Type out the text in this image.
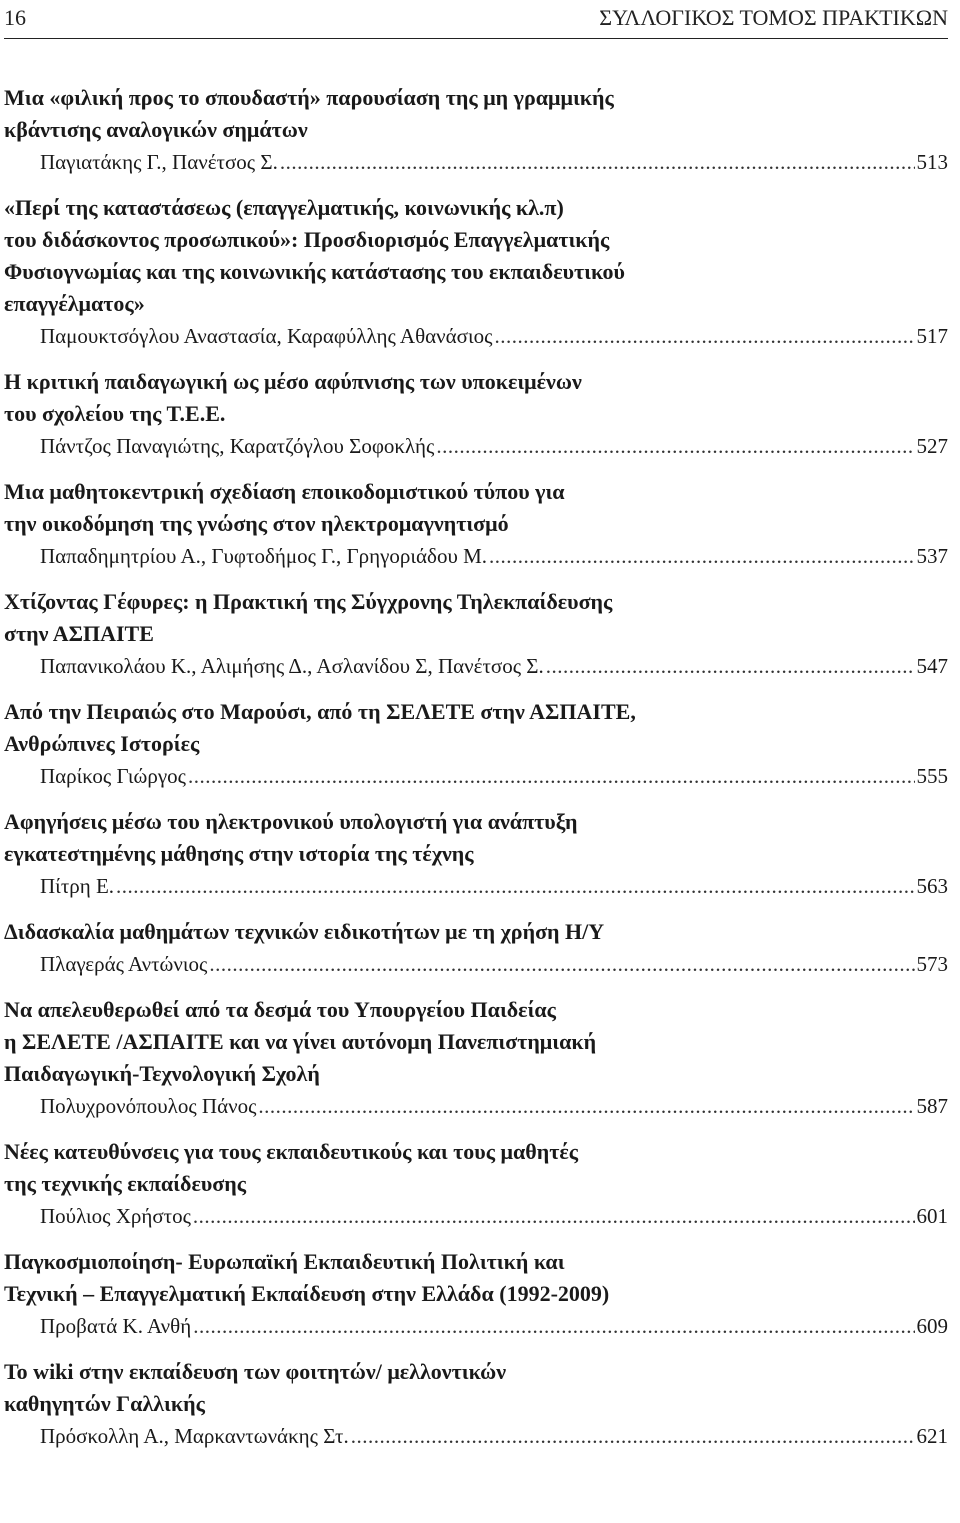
16	ΣΥΛΛΟΓΙΚΟΣ ΤΟΜΟΣ ΠΡΑΚΤΙΚΩΝ
Μια «φιλική προς το σπουδαστή» παρουσίαση της μη γραμμικής
κβάντισης αναλογικών σημάτων
Παγιατάκης Γ., Πανέτσος Σ. .....	513
«Περί της καταστάσεως (επαγγελματικής, κοινωνικής κλ.π)
του διδάσκοντος προσωπικού»: Προσδιορισμός Επαγγελματικής
Φυσιογνωμίας και της κοινωνικής κατάστασης του εκπαιδευτικού
επαγγέλματος»
Παμουκτσόγλου Αναστασία, Καραφύλλης Αθανάσιος .....	517
Η κριτική παιδαγωγική ως μέσο αφύπνισης των υποκειμένων
του σχολείου της Τ.Ε.Ε.
Πάντζος Παναγιώτης, Καρατζόγλου Σοφοκλής .....	527
Μια μαθητοκεντρική σχεδίαση εποικοδομιστικού τύπου για
την οικοδόμηση της γνώσης στον ηλεκτρομαγνητισμό
Παπαδημητρίου Α., Γυφτοδήμος Γ., Γρηγοριάδου Μ. .....	537
Χτίζοντας Γέφυρες: η Πρακτική της Σύγχρονης Τηλεκπαίδευσης
στην ΑΣΠΑΙΤΕ
Παπανικολάου Κ., Αλιμήσης Δ., Ασλανίδου Σ, Πανέτσος Σ. .....	547
Από την Πειραιώς στο Μαρούσι, από τη ΣΕΛΕΤΕ στην ΑΣΠΑΙΤΕ,
Ανθρώπινες Ιστορίες
Παρίκος Γιώργος .....	555
Αφηγήσεις μέσω του ηλεκτρονικού υπολογιστή για ανάπτυξη
εγκατεστημένης μάθησης στην ιστορία της τέχνης
Πίτρη Ε. .....	563
Διδασκαλία μαθημάτων τεχνικών ειδικοτήτων με τη χρήση Η/Υ
Πλαγεράς Αντώνιος .....	573
Να απελευθερωθεί από τα δεσμά του Υπουργείου Παιδείας
η ΣΕΛΕΤΕ /ΑΣΠΑΙΤΕ και να γίνει αυτόνομη Πανεπιστημιακή
Παιδαγωγική-Τεχνολογική Σχολή
Πολυχρονόπουλος Πάνος .....	587
Νέες κατευθύνσεις για τους εκπαιδευτικούς και τους μαθητές
της τεχνικής εκπαίδευσης
Πούλιος Χρήστος .....	601
Παγκοσμιοποίηση- Ευρωπαϊκή Εκπαιδευτική Πολιτική και
Τεχνική – Επαγγελματική Εκπαίδευση στην Ελλάδα (1992-2009)
Προβατά Κ. Ανθή .....	609
Το wiki στην εκπαίδευση των φοιτητών/ μελλοντικών
καθηγητών Γαλλικής
Πρόσκολλη Α., Μαρκαντωνάκης Στ. .....	621
